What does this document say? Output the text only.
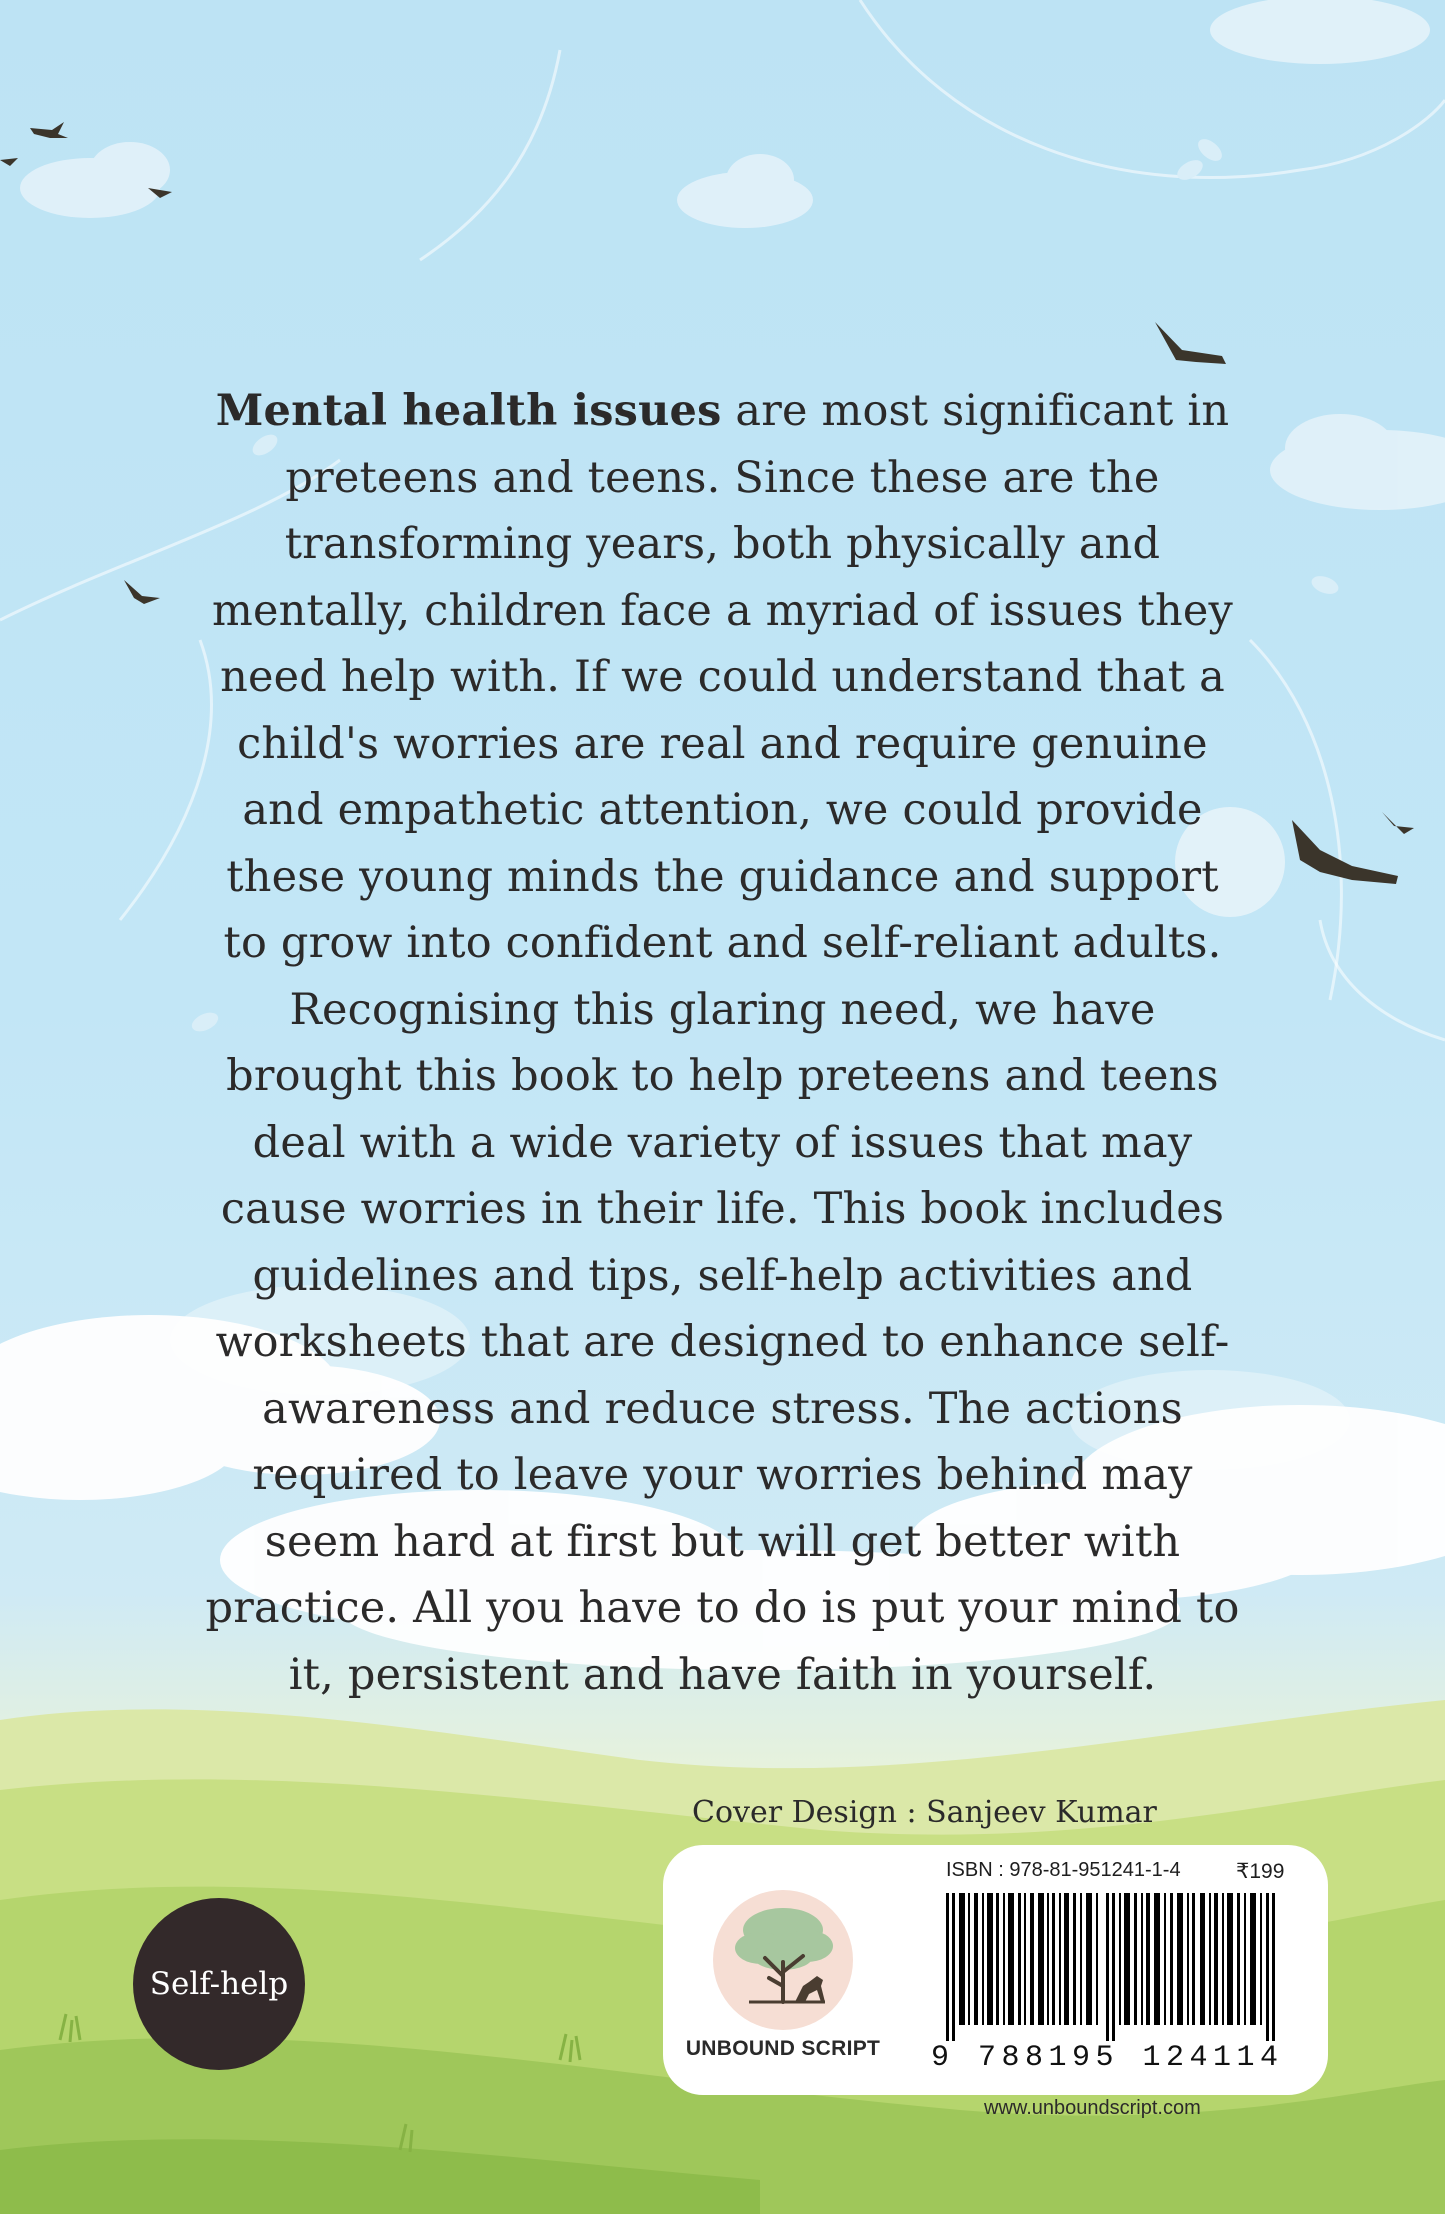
Mental health issues are most significant in preteens and teens. Since these are the transforming years, both physically and mentally, children face a myriad of issues they need help with. If we could understand that a child's worries are real and require genuine and empathetic attention, we could provide these young minds the guidance and support to grow into confident and self-reliant adults. Recognising this glaring need, we have brought this book to help preteens and teens deal with a wide variety of issues that may cause worries in their life. This book includes guidelines and tips, self-help activities and worksheets that are designed to enhance self-awareness and reduce stress. The actions required to leave your worries behind may seem hard at first but will get better with practice. All you have to do is put your mind to it, persistent and have faith in yourself.
Cover Design : Sanjeev Kumar
Self-help
UNBOUND SCRIPT
ISBN : 978-81-951241-1-4	₹199
9 788195 124114
www.unboundscript.com
